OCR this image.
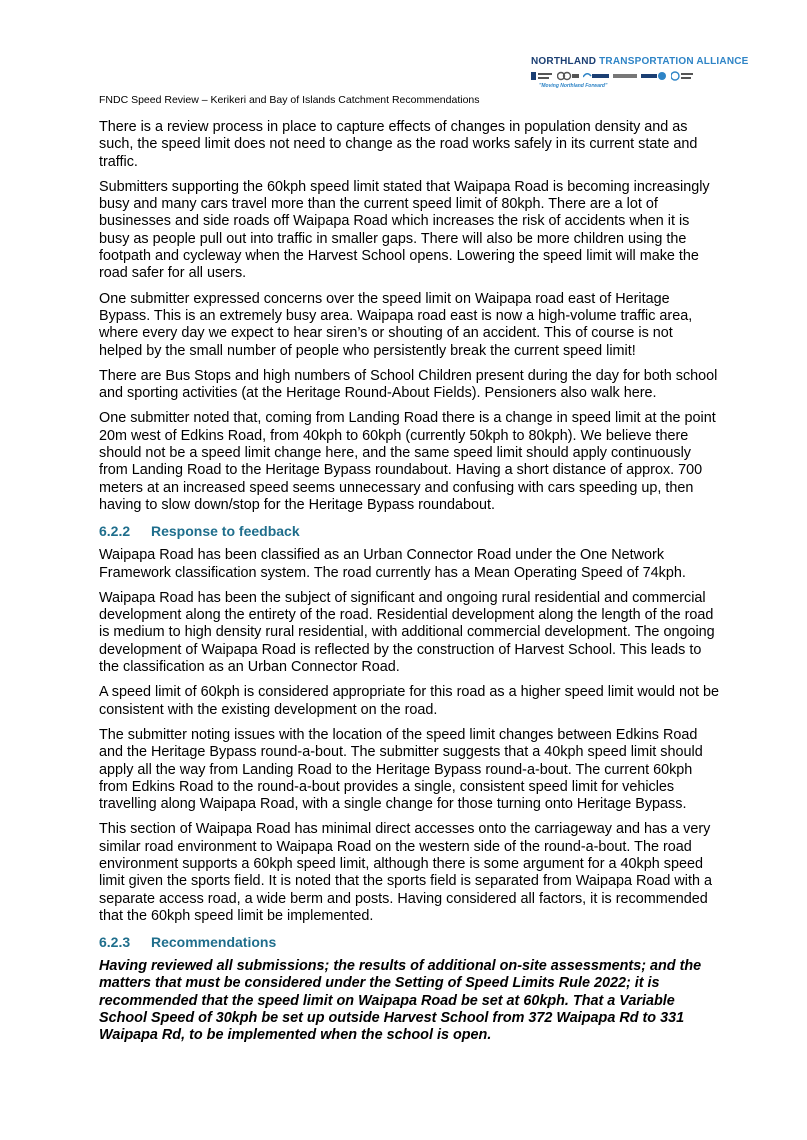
NORTHLAND TRANSPORTATION ALLIANCE
"Moving Northland Forward"
FNDC Speed Review – Kerikeri and Bay of Islands Catchment Recommendations

There is a review process in place to capture effects of changes in population density and as such, the speed limit does not need to change as the road works safely in its current state and traffic.

Submitters supporting the 60kph speed limit stated that Waipapa Road is becoming increasingly busy and many cars travel more than the current speed limit of 80kph. There are a lot of businesses and side roads off Waipapa Road which increases the risk of accidents when it is busy as people pull out into traffic in smaller gaps. There will also be more children using the footpath and cycleway when the Harvest School opens. Lowering the speed limit will make the road safer for all users.

One submitter expressed concerns over the speed limit on Waipapa road east of Heritage Bypass. This is an extremely busy area. Waipapa road east is now a high-volume traffic area, where every day we expect to hear siren’s or shouting of an accident. This of course is not helped by the small number of people who persistently break the current speed limit!

There are Bus Stops and high numbers of School Children present during the day for both school and sporting activities (at the Heritage Round-About Fields). Pensioners also walk here.

One submitter noted that, coming from Landing Road there is a change in speed limit at the point 20m west of Edkins Road, from 40kph to 60kph (currently 50kph to 80kph). We believe there should not be a speed limit change here, and the same speed limit should apply continuously from Landing Road to the Heritage Bypass roundabout. Having a short distance of approx. 700 meters at an increased speed seems unnecessary and confusing with cars speeding up, then having to slow down/stop for the Heritage Bypass roundabout.

6.2.2 Response to feedback

Waipapa Road has been classified as an Urban Connector Road under the One Network Framework classification system. The road currently has a Mean Operating Speed of 74kph.

Waipapa Road has been the subject of significant and ongoing rural residential and commercial development along the entirety of the road. Residential development along the length of the road is medium to high density rural residential, with additional commercial development. The ongoing development of Waipapa Road is reflected by the construction of Harvest School. This leads to the classification as an Urban Connector Road.

A speed limit of 60kph is considered appropriate for this road as a higher speed limit would not be consistent with the existing development on the road.

The submitter noting issues with the location of the speed limit changes between Edkins Road and the Heritage Bypass round-a-bout. The submitter suggests that a 40kph speed limit should apply all the way from Landing Road to the Heritage Bypass round-a-bout. The current 60kph from Edkins Road to the round-a-bout provides a single, consistent speed limit for vehicles travelling along Waipapa Road, with a single change for those turning onto Heritage Bypass.

This section of Waipapa Road has minimal direct accesses onto the carriageway and has a very similar road environment to Waipapa Road on the western side of the round-a-bout. The road environment supports a 60kph speed limit, although there is some argument for a 40kph speed limit given the sports field. It is noted that the sports field is separated from Waipapa Road with a separate access road, a wide berm and posts. Having considered all factors, it is recommended that the 60kph speed limit be implemented.

6.2.3 Recommendations

Having reviewed all submissions; the results of additional on-site assessments; and the matters that must be considered under the Setting of Speed Limits Rule 2022; it is recommended that the speed limit on Waipapa Road be set at 60kph. That a Variable School Speed of 30kph be set up outside Harvest School from 372 Waipapa Rd to 331 Waipapa Rd, to be implemented when the school is open.
